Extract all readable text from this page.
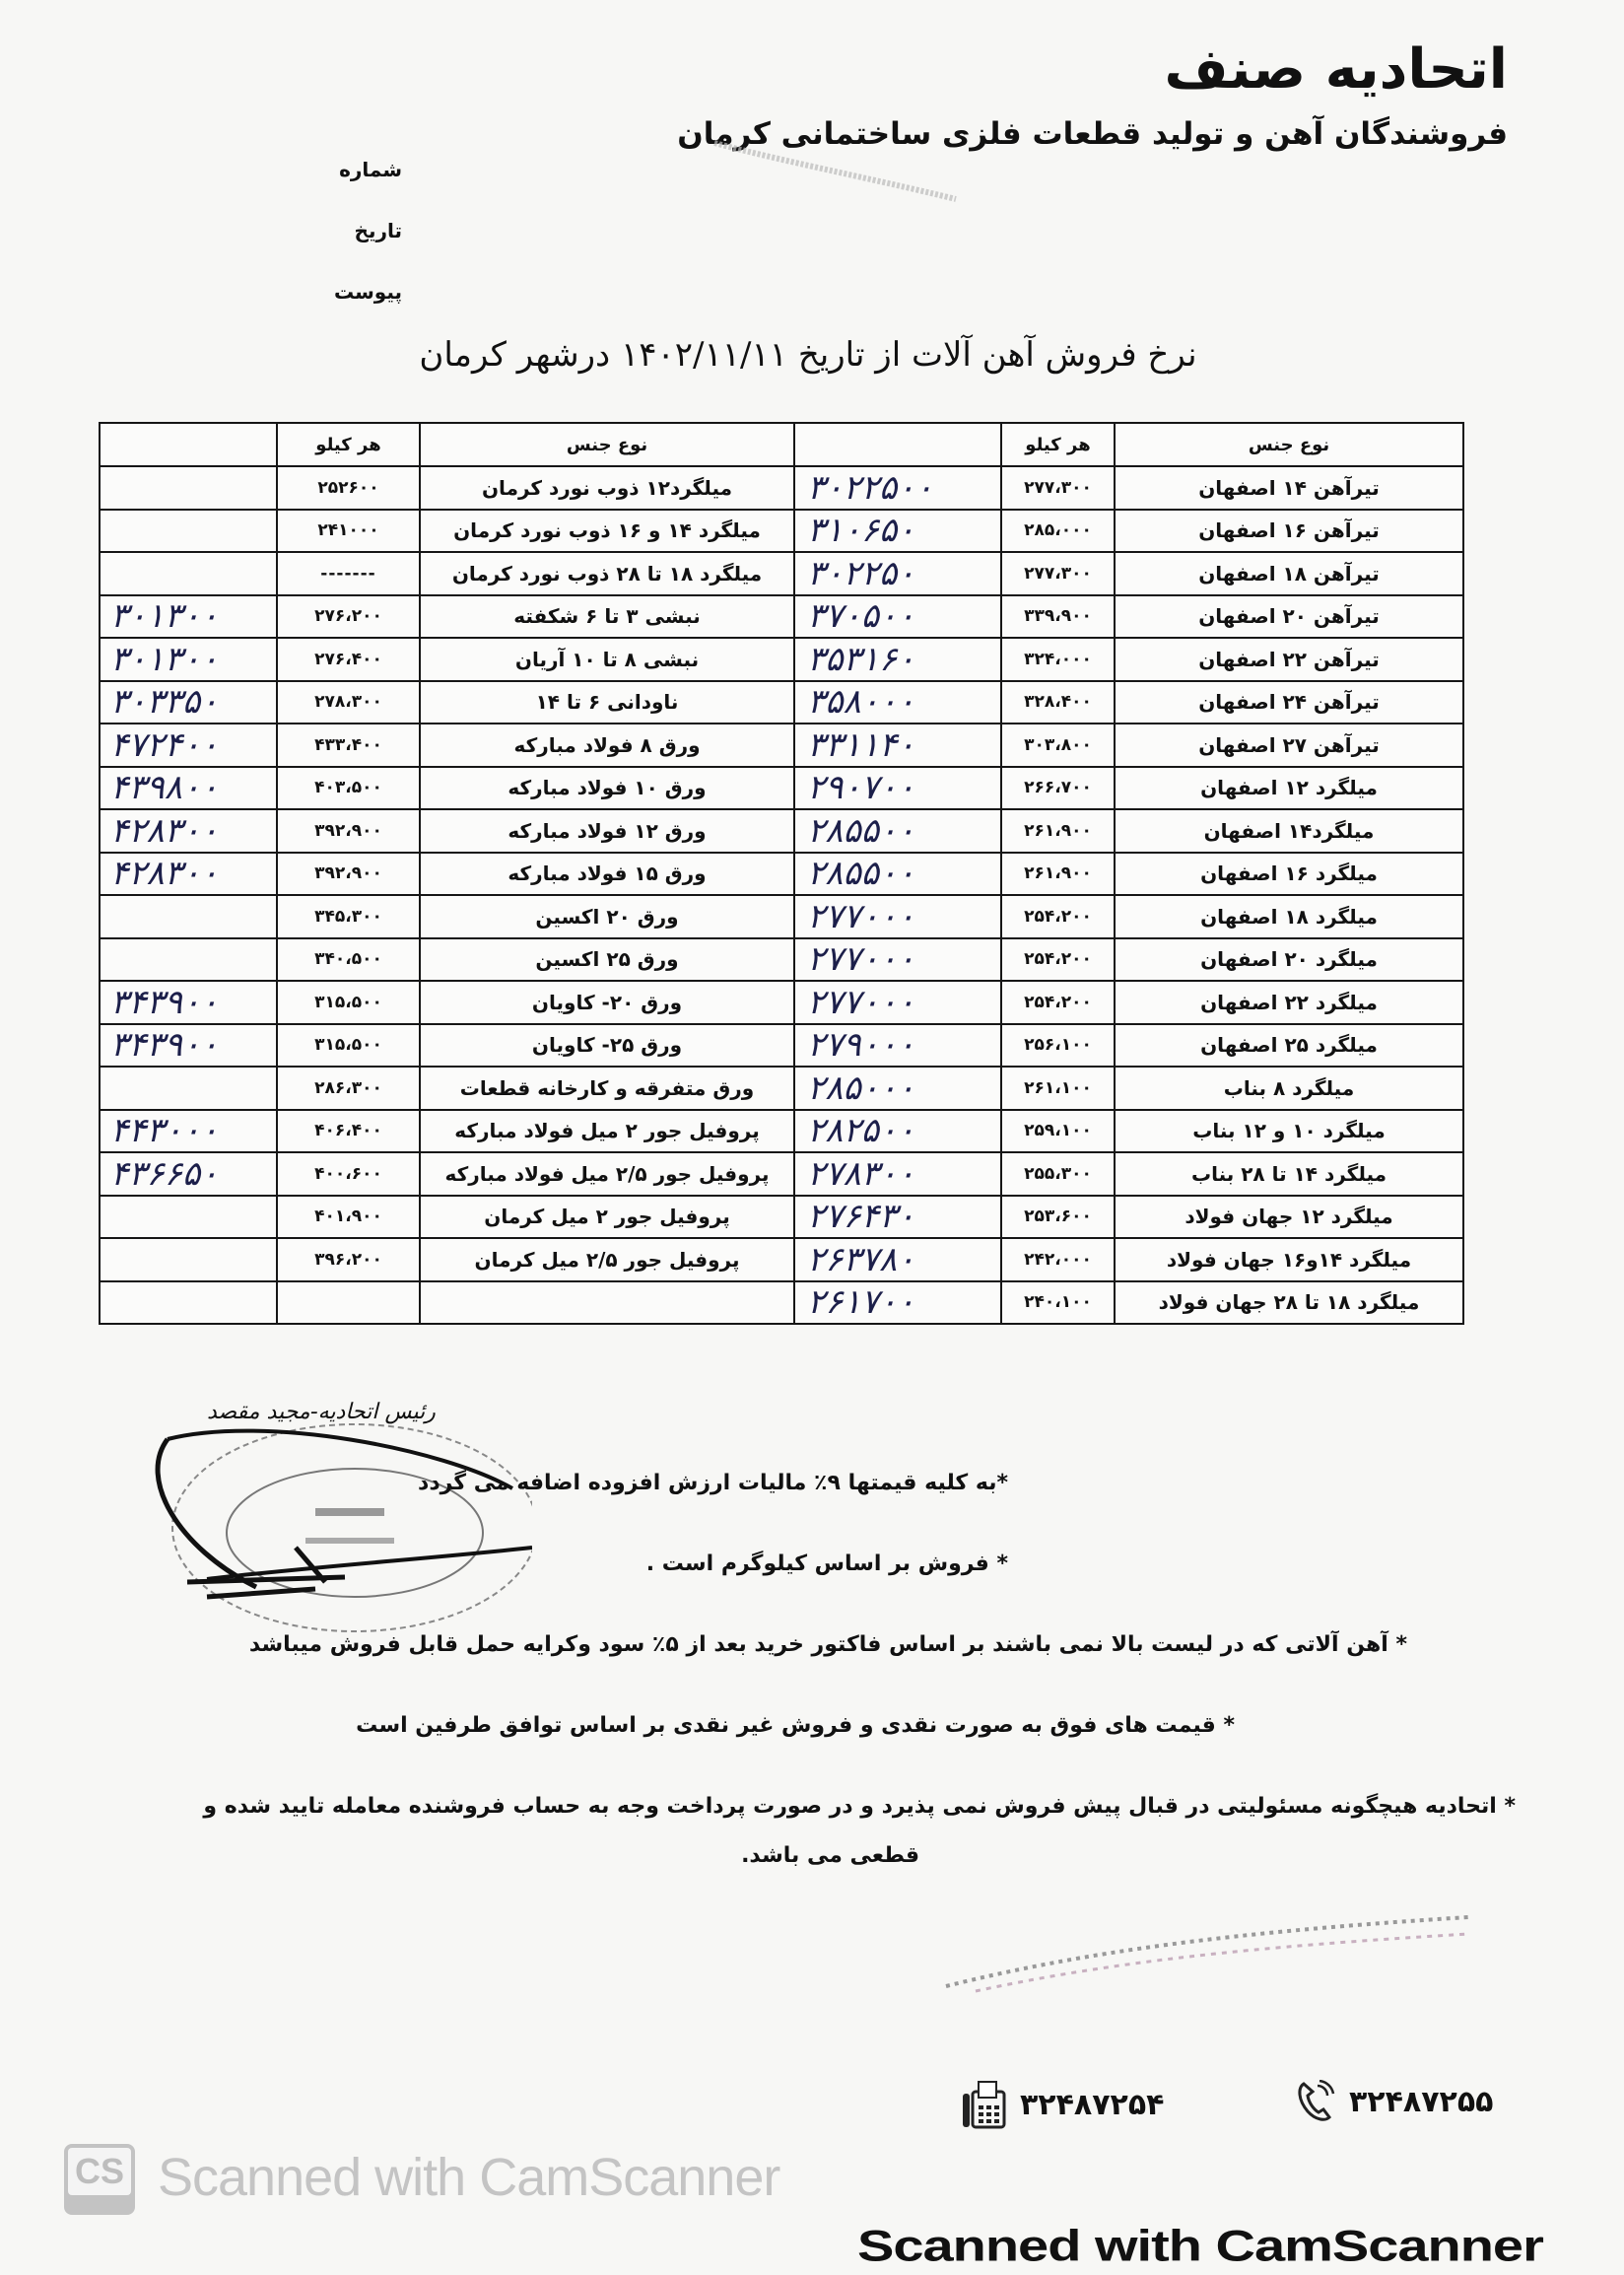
اتحادیه صنف
فروشندگان آهن و تولید قطعات فلزی ساختمانی کرمان
شماره
تاریخ
پیوست
نرخ فروش آهن آلات از تاریخ ۱۴۰۲/۱۱/۱۱ درشهر کرمان
	هر کیلو	نوع جنس		هر کیلو	نوع جنس
	۲۵۲۶۰۰	میلگرد۱۲ ذوب نورد کرمان	۳۰۲۲۵۰۰	۲۷۷،۳۰۰	تیرآهن ۱۴ اصفهان
	۲۴۱۰۰۰	میلگرد ۱۴ و ۱۶ ذوب نورد کرمان	۳۱۰۶۵۰	۲۸۵،۰۰۰	تیرآهن ۱۶ اصفهان
	-------	میلگرد ۱۸ تا ۲۸ ذوب نورد کرمان	۳۰۲۲۵۰	۲۷۷،۳۰۰	تیرآهن ۱۸ اصفهان
۳۰۱۳۰۰	۲۷۶،۲۰۰	نبشی ۳ تا ۶ شکفته	۳۷۰۵۰۰	۳۳۹،۹۰۰	تیرآهن ۲۰ اصفهان
۳۰۱۳۰۰	۲۷۶،۴۰۰	نبشی ۸ تا ۱۰ آریان	۳۵۳۱۶۰	۳۲۴،۰۰۰	تیرآهن ۲۲ اصفهان
۳۰۳۳۵۰	۲۷۸،۳۰۰	ناودانی ۶ تا ۱۴	۳۵۸۰۰۰	۳۲۸،۴۰۰	تیرآهن ۲۴ اصفهان
۴۷۲۴۰۰	۴۳۳،۴۰۰	ورق ۸ فولاد مبارکه	۳۳۱۱۴۰	۳۰۳،۸۰۰	تیرآهن ۲۷ اصفهان
۴۳۹۸۰۰	۴۰۳،۵۰۰	ورق ۱۰ فولاد مبارکه	۲۹۰۷۰۰	۲۶۶،۷۰۰	میلگرد ۱۲ اصفهان
۴۲۸۳۰۰	۳۹۲،۹۰۰	ورق ۱۲ فولاد مبارکه	۲۸۵۵۰۰	۲۶۱،۹۰۰	میلگرد۱۴ اصفهان
۴۲۸۳۰۰	۳۹۲،۹۰۰	ورق ۱۵ فولاد مبارکه	۲۸۵۵۰۰	۲۶۱،۹۰۰	میلگرد ۱۶ اصفهان
	۳۴۵،۳۰۰	ورق ۲۰ اکسین	۲۷۷۰۰۰	۲۵۴،۲۰۰	میلگرد ۱۸ اصفهان
	۳۴۰،۵۰۰	ورق ۲۵ اکسین	۲۷۷۰۰۰	۲۵۴،۲۰۰	میلگرد ۲۰ اصفهان
۳۴۳۹۰۰	۳۱۵،۵۰۰	ورق ۲۰- کاویان	۲۷۷۰۰۰	۲۵۴،۲۰۰	میلگرد ۲۲ اصفهان
۳۴۳۹۰۰	۳۱۵،۵۰۰	ورق ۲۵- کاویان	۲۷۹۰۰۰	۲۵۶،۱۰۰	میلگرد ۲۵ اصفهان
	۲۸۶،۳۰۰	ورق متفرقه و کارخانه قطعات	۲۸۵۰۰۰	۲۶۱،۱۰۰	میلگرد ۸ بناب
۴۴۳۰۰۰	۴۰۶،۴۰۰	پروفیل جور ۲ میل فولاد مبارکه	۲۸۲۵۰۰	۲۵۹،۱۰۰	میلگرد ۱۰ و ۱۲ بناب
۴۳۶۶۵۰	۴۰۰،۶۰۰	پروفیل جور ۲/۵ میل فولاد مبارکه	۲۷۸۳۰۰	۲۵۵،۳۰۰	میلگرد ۱۴ تا ۲۸ بناب
	۴۰۱،۹۰۰	پروفیل جور ۲ میل کرمان	۲۷۶۴۳۰	۲۵۳،۶۰۰	میلگرد ۱۲ جهان فولاد
	۳۹۶،۲۰۰	پروفیل جور ۲/۵ میل کرمان	۲۶۳۷۸۰	۲۴۲،۰۰۰	میلگرد ۱۴و۱۶ جهان فولاد
			۲۶۱۷۰۰	۲۴۰،۱۰۰	میلگرد ۱۸ تا ۲۸ جهان فولاد
رئیس اتحادیه-مجید مقصد
*به کلیه قیمتها ۹٪ مالیات ارزش افزوده اضافه می گردد
* فروش بر اساس کیلوگرم است .
* آهن آلاتی که در لیست بالا نمی باشند بر اساس فاکتور خرید بعد از ۵٪ سود وکرایه حمل قابل فروش میباشد
* قیمت های فوق به صورت نقدی و فروش غیر نقدی بر اساس توافق طرفین است
* اتحادیه هیچگونه مسئولیتی در قبال پیش فروش نمی پذیرد و در صورت پرداخت وجه به حساب فروشنده معامله تایید شده و
قطعی می باشد.
۳۲۴۸۷۲۵۴	۳۲۴۸۷۲۵۵
CS Scanned with CamScanner
Scanned with CamScanner
